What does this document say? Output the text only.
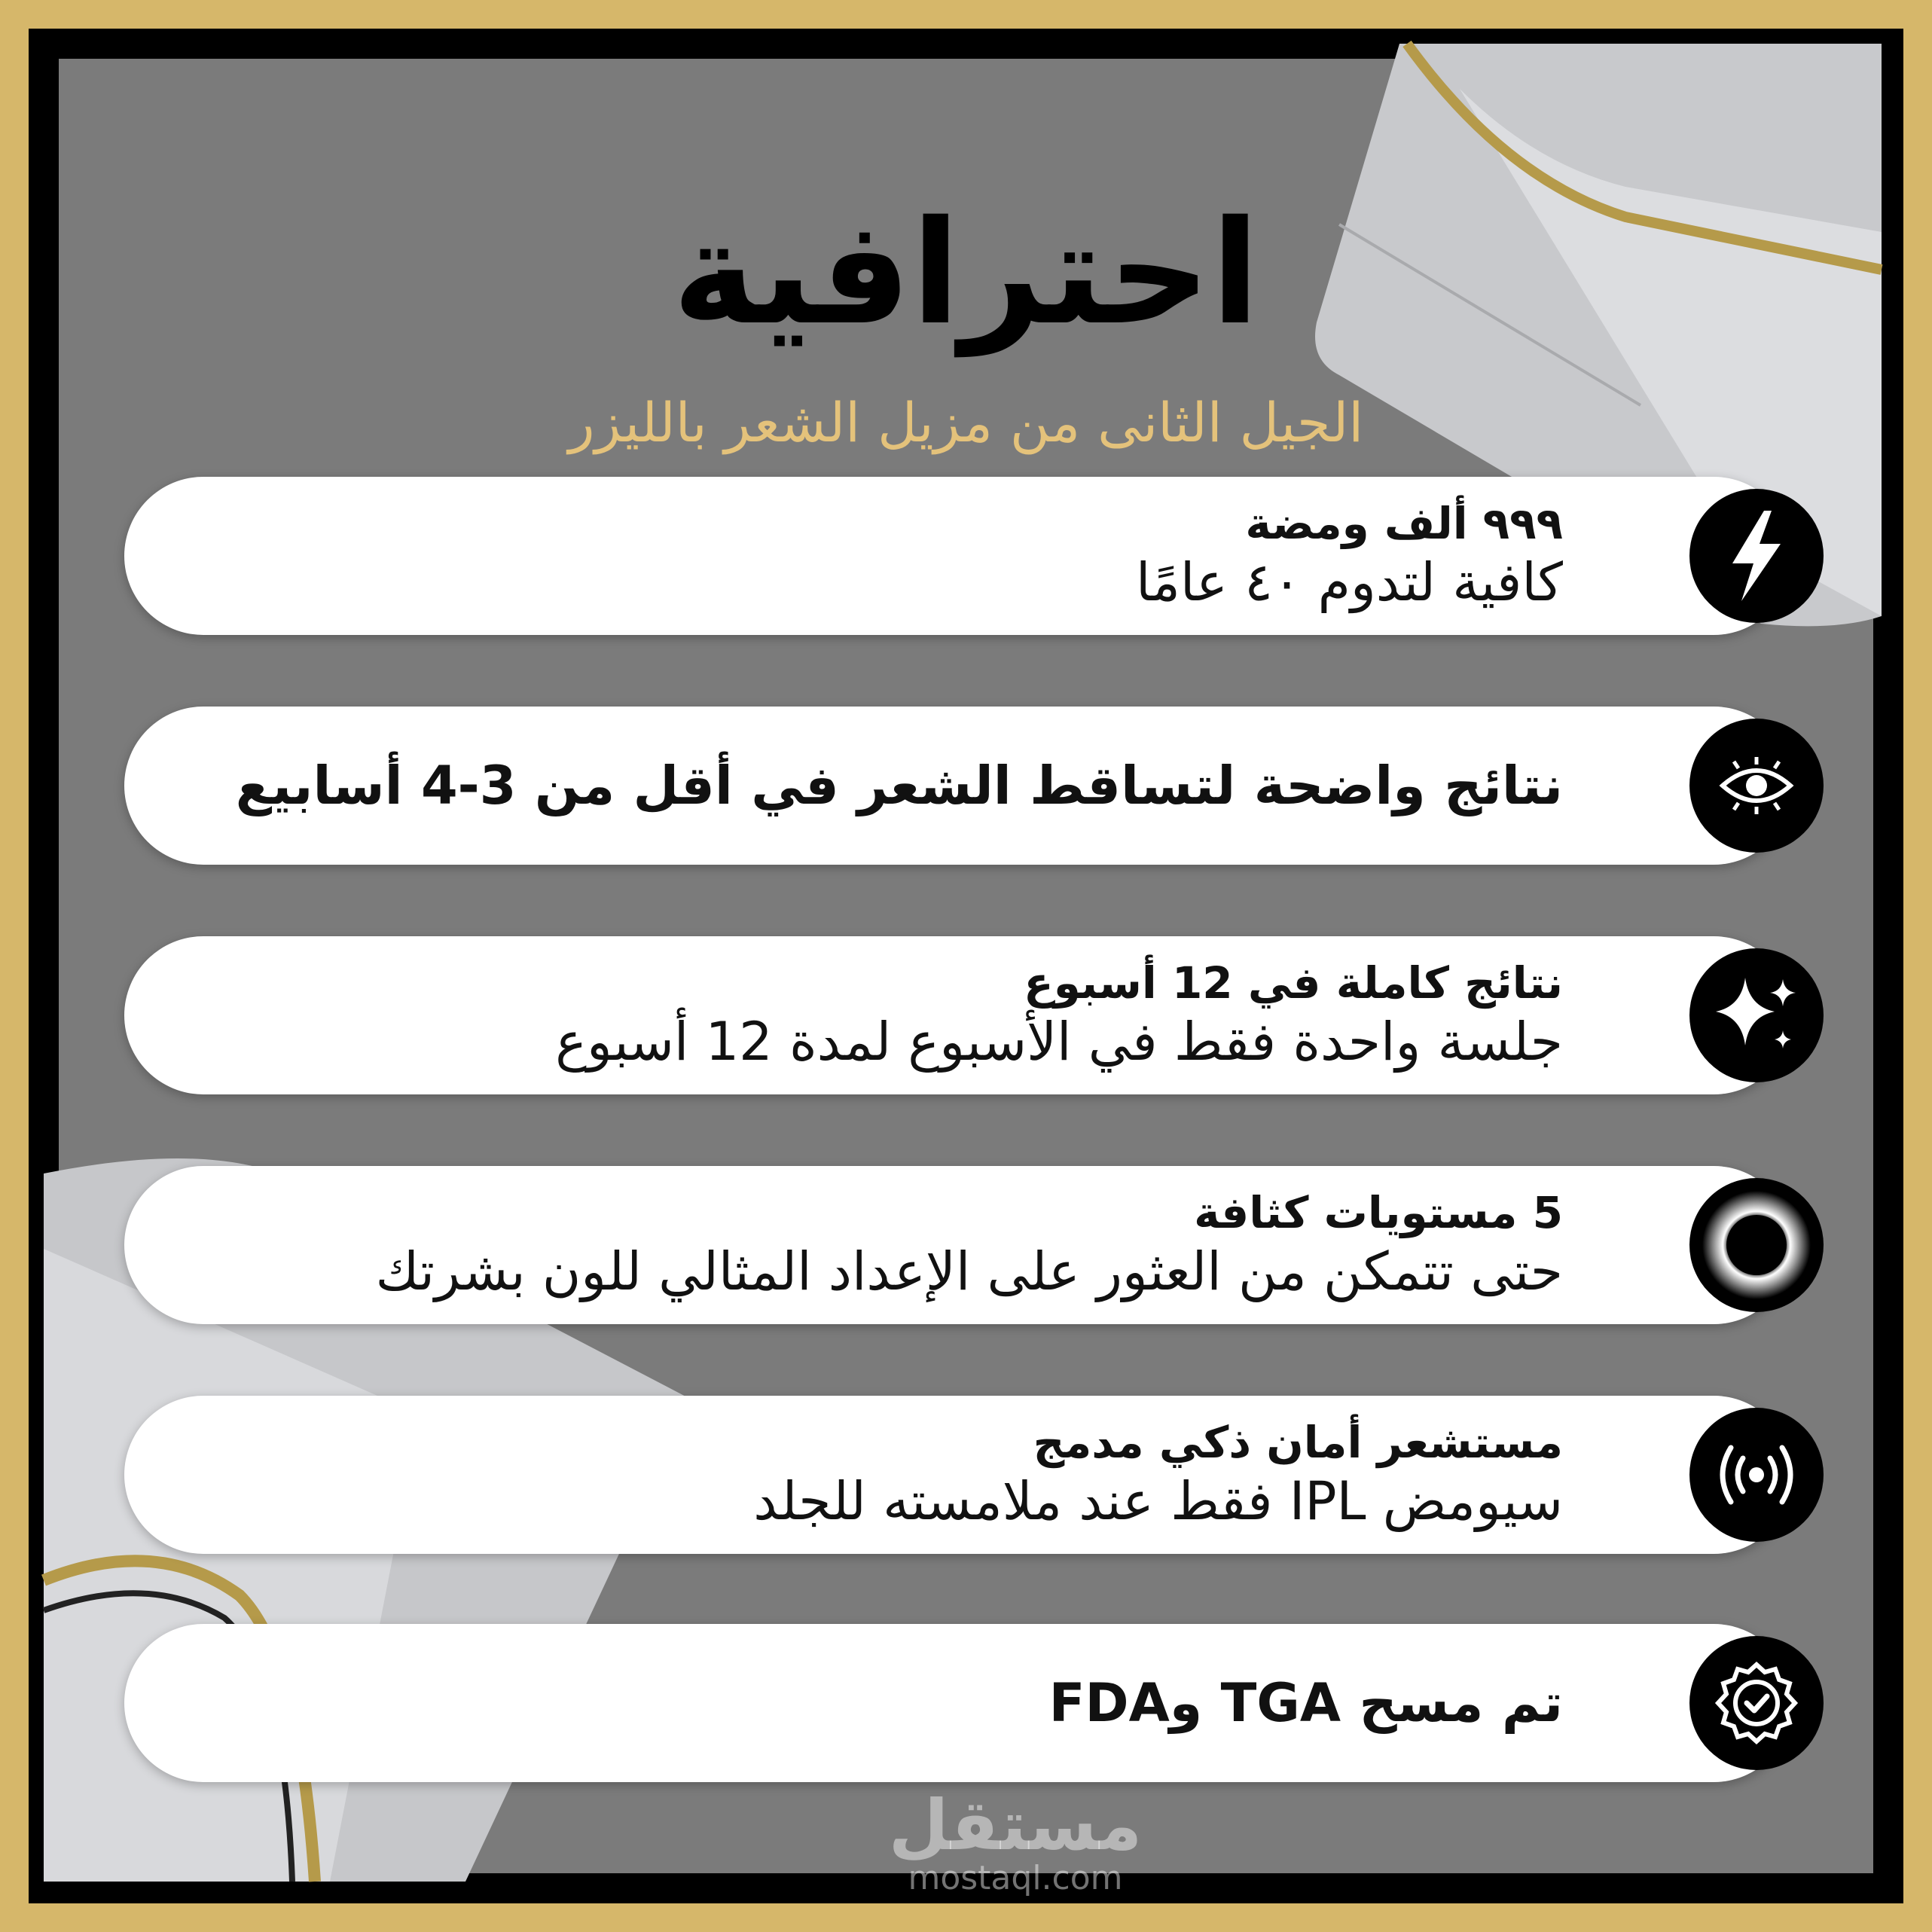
احترافية
الجيل الثانى من مزيل الشعر بالليزر
٩٩٩ ألف ومضة
كافية لتدوم ٤٠ عامًا
نتائج واضحة لتساقط الشعر في أقل من 3-4 أسابيع
نتائج كاملة في 12 أسبوع
جلسة واحدة فقط في الأسبوع لمدة 12 أسبوع
5 مستويات كثافة
حتى تتمكن من العثور على الإعداد المثالي للون بشرتك
مستشعر أمان ذكي مدمج
سيومض IPL فقط عند ملامسته للجلد
تم مسح TGA وFDA
مستقل
mostaql.com
